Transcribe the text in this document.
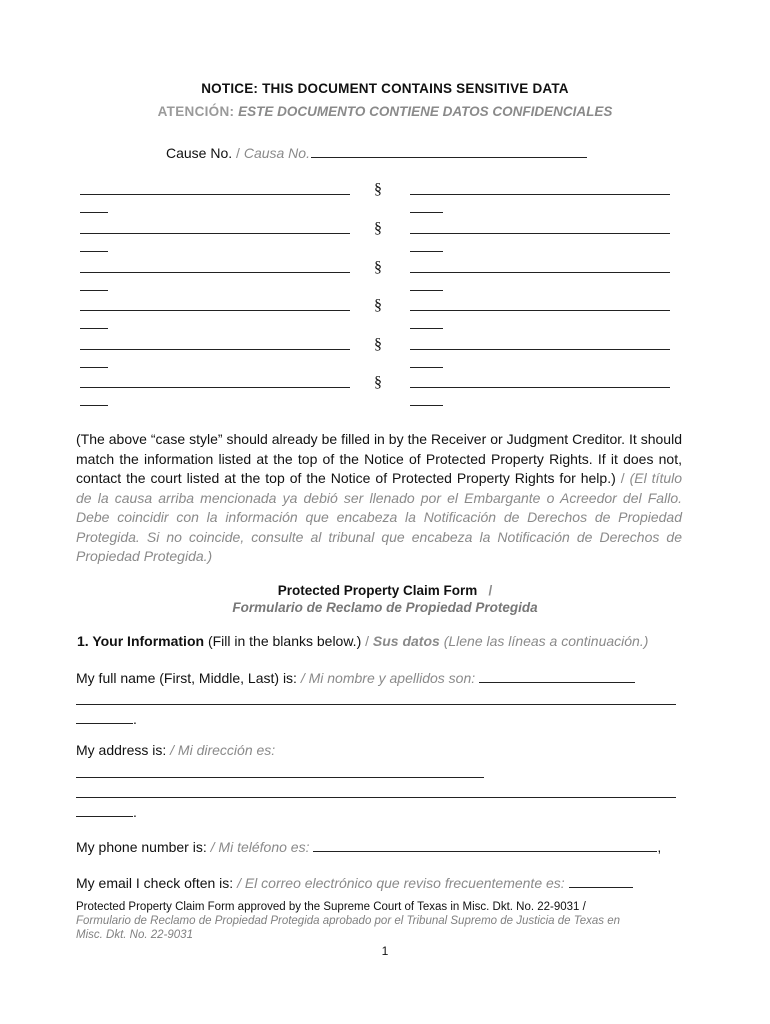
NOTICE: THIS DOCUMENT CONTAINS SENSITIVE DATA
ATENCIÓN: ESTE DOCUMENTO CONTIENE DATOS CONFIDENCIALES
Cause No. / Causa No.
§
§
§
§
§
§
(The above “case style” should already be filled in by the Receiver or Judgment Creditor. It should match the information listed at the top of the Notice of Protected Property Rights. If it does not, contact the court listed at the top of the Notice of Protected Property Rights for help.) / (El título de la causa arriba mencionada ya debió ser llenado por el Embargante o Acreedor del Fallo. Debe coincidir con la información que encabeza la Notificación de Derechos de Propiedad Protegida. Si no coincide, consulte al tribunal que encabeza la Notificación de Derechos de Propiedad Protegida.)
Protected Property Claim Form /
Formulario de Reclamo de Propiedad Protegida
1. Your Information (Fill in the blanks below.) / Sus datos (Llene las líneas a continuación.)
My full name (First, Middle, Last) is: / Mi nombre y apellidos son:
.
My address is: / Mi dirección es:
.
My phone number is: / Mi teléfono es:	,
My email I check often is: / El correo electrónico que reviso frecuentemente es:
Protected Property Claim Form approved by the Supreme Court of Texas in Misc. Dkt. No. 22-9031 /
Formulario de Reclamo de Propiedad Protegida aprobado por el Tribunal Supremo de Justicia de Texas en
Misc. Dkt. No. 22-9031
1
